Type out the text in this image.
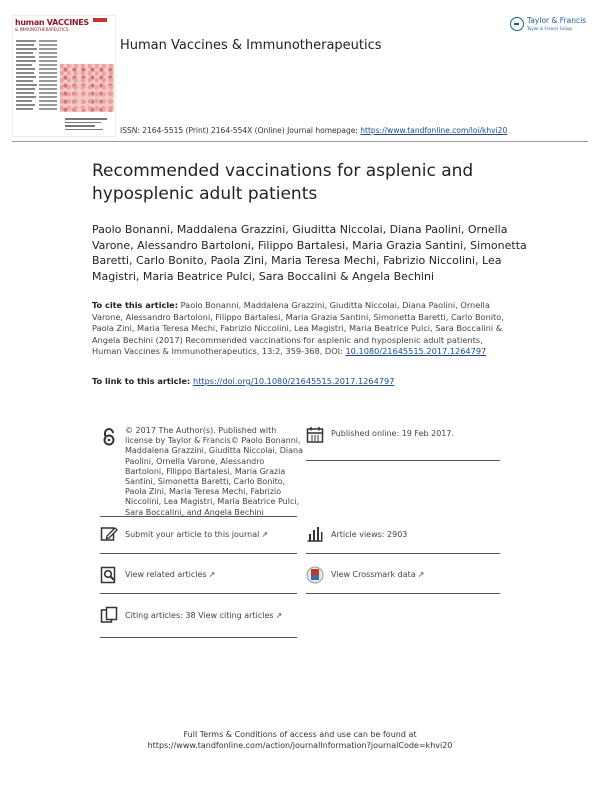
human VACCINES
& IMMUNOTHERAPEUTICS
Human Vaccines & Immunotherapeutics
Taylor & Francis
Taylor & Francis Group
ISSN: 2164-5515 (Print) 2164-554X (Online) Journal homepage: https://www.tandfonline.com/loi/khvi20
Recommended vaccinations for asplenic and hyposplenic adult patients
Paolo Bonanni, Maddalena Grazzini, Giuditta Niccolai, Diana Paolini, Ornella Varone, Alessandro Bartoloni, Filippo Bartalesi, Maria Grazia Santini, Simonetta Baretti, Carlo Bonito, Paola Zini, Maria Teresa Mechi, Fabrizio Niccolini, Lea Magistri, Maria Beatrice Pulci, Sara Boccalini & Angela Bechini
To cite this article: Paolo Bonanni, Maddalena Grazzini, Giuditta Niccolai, Diana Paolini, Ornella Varone, Alessandro Bartoloni, Filippo Bartalesi, Maria Grazia Santini, Simonetta Baretti, Carlo Bonito, Paola Zini, Maria Teresa Mechi, Fabrizio Niccolini, Lea Magistri, Maria Beatrice Pulci, Sara Boccalini & Angela Bechini (2017) Recommended vaccinations for asplenic and hyposplenic adult patients, Human Vaccines & Immunotherapeutics, 13:2, 359-368, DOI: 10.1080/21645515.2017.1264797
To link to this article: https://doi.org/10.1080/21645515.2017.1264797
© 2017 The Author(s). Published with license by Taylor & Francis© Paolo Bonanni, Maddalena Grazzini, Giuditta Niccolai, Diana Paolini, Ornella Varone, Alessandro Bartoloni, Filippo Bartalesi, Maria Grazia Santini, Simonetta Baretti, Carlo Bonito, Paola Zini, Maria Teresa Mechi, Fabrizio Niccolini, Lea Magistri, Maria Beatrice Pulci, Sara Boccalini, and Angela Bechini
Published online: 19 Feb 2017.
Submit your article to this journal ↗	Article views: 2903
View related articles ↗	View Crossmark data ↗
Citing articles: 38 View citing articles ↗
Full Terms & Conditions of access and use can be found at
https://www.tandfonline.com/action/journalInformation?journalCode=khvi20
